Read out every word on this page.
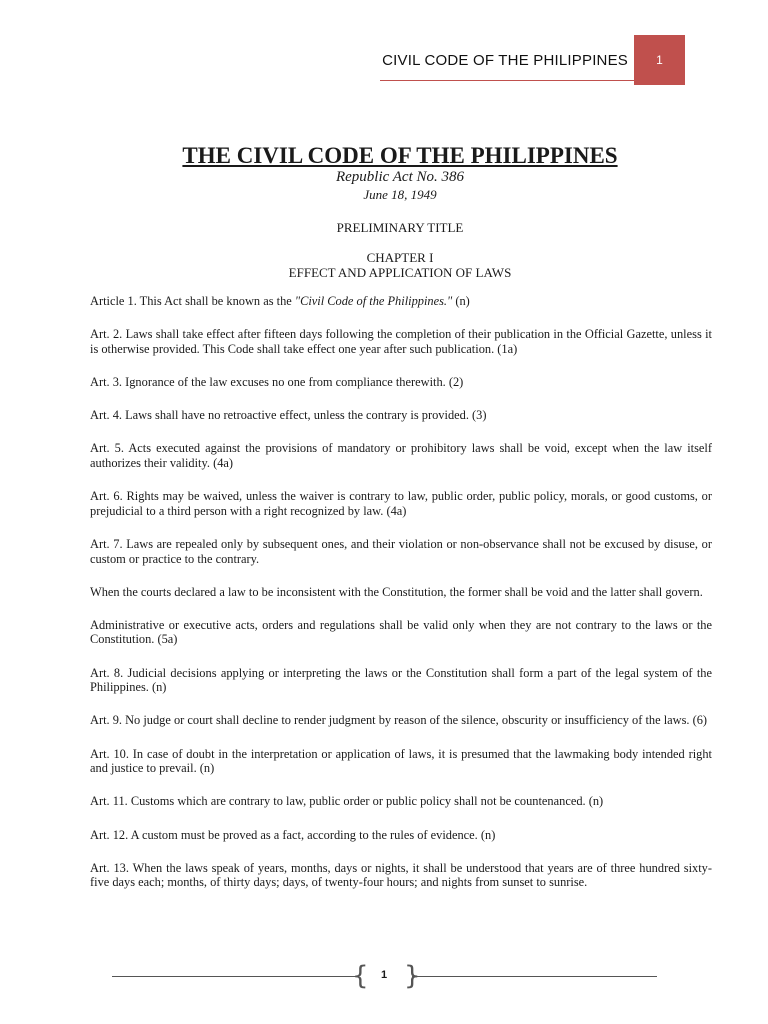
CIVIL CODE OF THE PHILIPPINES	1
THE CIVIL CODE OF THE PHILIPPINES
Republic Act No. 386
June 18, 1949
PRELIMINARY TITLE
CHAPTER I
EFFECT AND APPLICATION OF LAWS

Article 1. This Act shall be known as the "Civil Code of the Philippines." (n)

Art. 2. Laws shall take effect after fifteen days following the completion of their publication in the Official Gazette, unless it is otherwise provided. This Code shall take effect one year after such publication. (1a)

Art. 3. Ignorance of the law excuses no one from compliance therewith. (2)

Art. 4. Laws shall have no retroactive effect, unless the contrary is provided. (3)

Art. 5. Acts executed against the provisions of mandatory or prohibitory laws shall be void, except when the law itself authorizes their validity. (4a)

Art. 6. Rights may be waived, unless the waiver is contrary to law, public order, public policy, morals, or good customs, or prejudicial to a third person with a right recognized by law. (4a)

Art. 7. Laws are repealed only by subsequent ones, and their violation or non-observance shall not be excused by disuse, or custom or practice to the contrary.

When the courts declared a law to be inconsistent with the Constitution, the former shall be void and the latter shall govern.

Administrative or executive acts, orders and regulations shall be valid only when they are not contrary to the laws or the Constitution. (5a)

Art. 8. Judicial decisions applying or interpreting the laws or the Constitution shall form a part of the legal system of the Philippines. (n)

Art. 9. No judge or court shall decline to render judgment by reason of the silence, obscurity or insufficiency of the laws. (6)

Art. 10. In case of doubt in the interpretation or application of laws, it is presumed that the lawmaking body intended right and justice to prevail. (n)

Art. 11. Customs which are contrary to law, public order or public policy shall not be countenanced. (n)

Art. 12. A custom must be proved as a fact, according to the rules of evidence. (n)

Art. 13. When the laws speak of years, months, days or nights, it shall be understood that years are of three hundred sixty-five days each; months, of thirty days; days, of twenty-four hours; and nights from sunset to sunrise.

{ }
1
